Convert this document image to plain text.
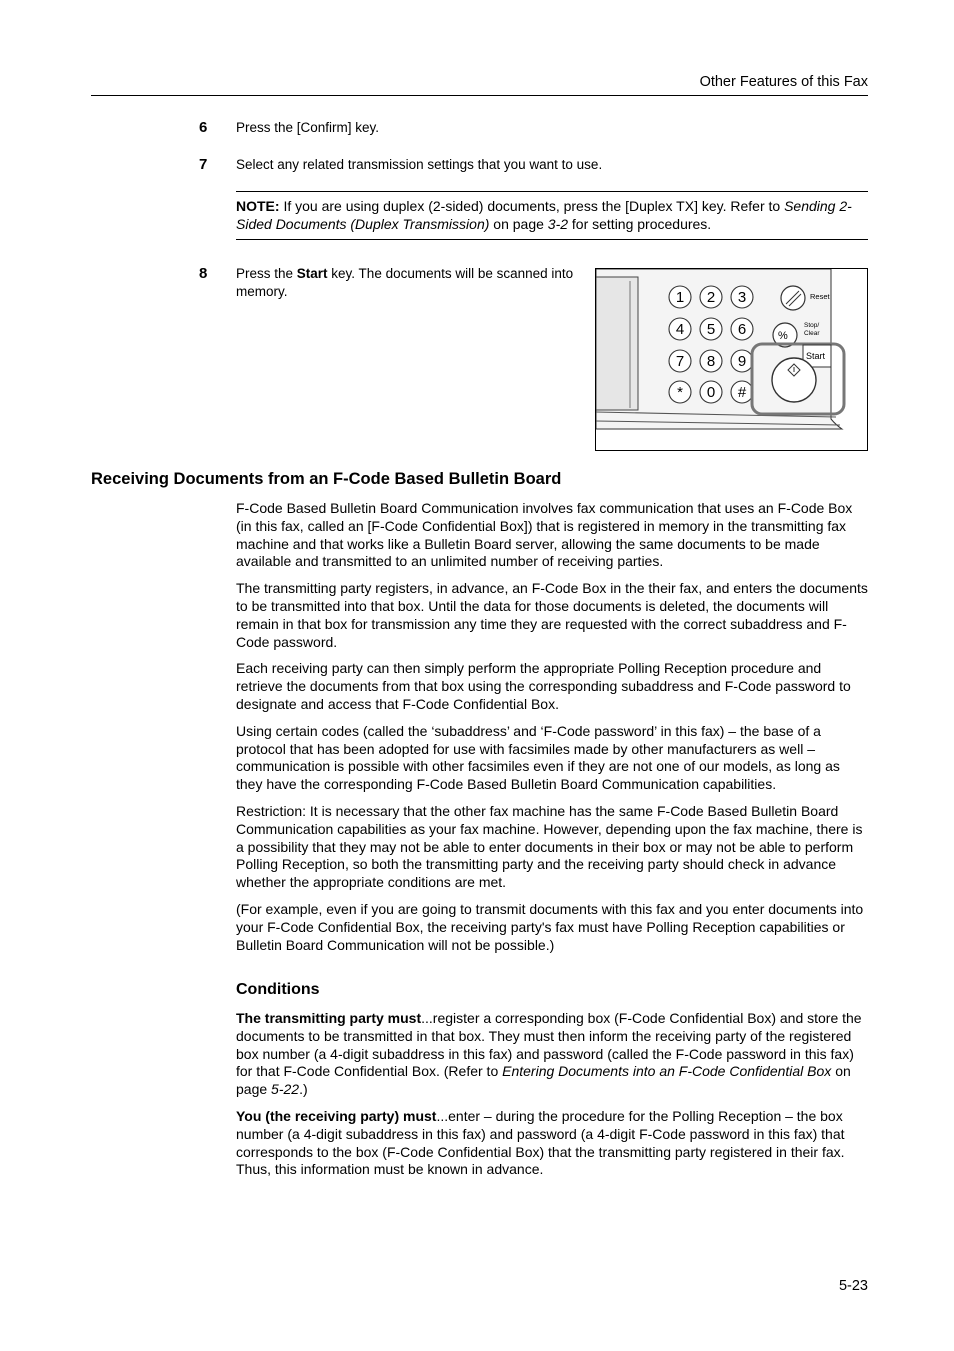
Other Features of this Fax
6 Press the [Confirm] key.
7 Select any related transmission settings that you want to use.
NOTE: If you are using duplex (2-sided) documents, press the [Duplex TX] key. Refer to Sending 2-Sided Documents (Duplex Transmission) on page 3-2 for setting procedures.
8 Press the Start key. The documents will be scanned into memory.	1 2 3
4 5 6
7 8 9
* 0 #
Reset
%
Stop/
Clear
Start
Receiving Documents from an F-Code Based Bulletin Board

F-Code Based Bulletin Board Communication involves fax communication that uses an F-Code Box (in this fax, called an [F-Code Confidential Box]) that is registered in memory in the transmitting fax machine and that works like a Bulletin Board server, allowing the same documents to be made available and transmitted to an unlimited number of receiving parties.

The transmitting party registers, in advance, an F-Code Box in the their fax, and enters the documents to be transmitted into that box. Until the data for those documents is deleted, the documents will remain in that box for transmission any time they are requested with the correct subaddress and F-Code password.

Each receiving party can then simply perform the appropriate Polling Reception procedure and retrieve the documents from that box using the corresponding subaddress and F-Code password to designate and access that F-Code Confidential Box.

Using certain codes (called the ‘subaddress’ and ‘F-Code password’ in this fax) – the base of a protocol that has been adopted for use with facsimiles made by other manufacturers as well – communication is possible with other facsimiles even if they are not one of our models, as long as they have the corresponding F-Code Based Bulletin Board Communication capabilities.

Restriction: It is necessary that the other fax machine has the same F-Code Based Bulletin Board Communication capabilities as your fax machine. However, depending upon the fax machine, there is a possibility that they may not be able to enter documents in their box or may not be able to perform Polling Reception, so both the transmitting party and the receiving party should check in advance whether the appropriate conditions are met.

(For example, even if you are going to transmit documents with this fax and you enter documents into your F-Code Confidential Box, the receiving party's fax must have Polling Reception capabilities or Bulletin Board Communication will not be possible.)

Conditions

The transmitting party must...register a corresponding box (F-Code Confidential Box) and store the documents to be transmitted in that box. They must then inform the receiving party of the registered box number (a 4-digit subaddress in this fax) and password (called the F-Code password in this fax) for that F-Code Confidential Box. (Refer to Entering Documents into an F-Code Confidential Box on page 5-22.)

You (the receiving party) must...enter – during the procedure for the Polling Reception – the box number (a 4-digit subaddress in this fax) and password (a 4-digit F-Code password in this fax) that corresponds to the box (F-Code Confidential Box) that the transmitting party registered in their fax. Thus, this information must be known in advance.

5-23
